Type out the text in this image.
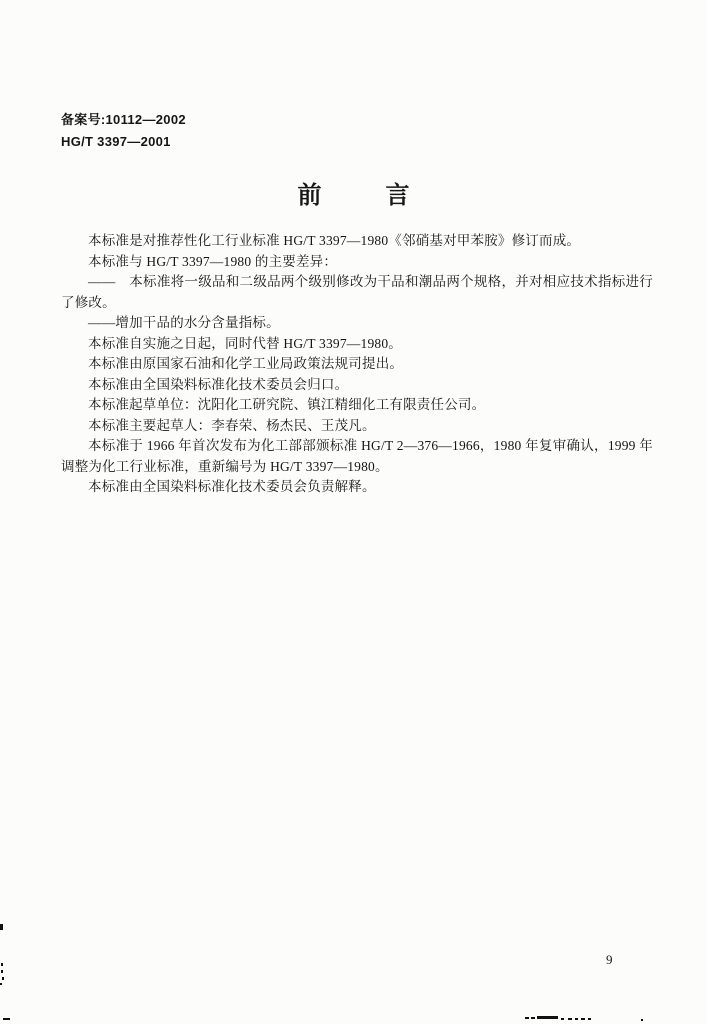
备案号:10112—2002
HG/T 3397—2001
前	言

本标准是对推荐性化工行业标准 HG/T 3397—1980《邻硝基对甲苯胺》修订而成。

本标准与 HG/T 3397—1980 的主要差异：

——　本标准将一级品和二级品两个级别修改为干品和潮品两个规格，并对相应技术指标进行了修改。

——增加干品的水分含量指标。

本标准自实施之日起，同时代替 HG/T 3397—1980。

本标准由原国家石油和化学工业局政策法规司提出。

本标准由全国染料标准化技术委员会归口。

本标准起草单位：沈阳化工研究院、镇江精细化工有限责任公司。

本标准主要起草人：李春荣、杨杰民、王茂凡。

本标准于 1966 年首次发布为化工部部颁标准 HG/T 2—376—1966，1980 年复审确认，1999 年调整为化工行业标准，重新编号为 HG/T 3397—1980。

本标准由全国染料标准化技术委员会负责解释。

9
